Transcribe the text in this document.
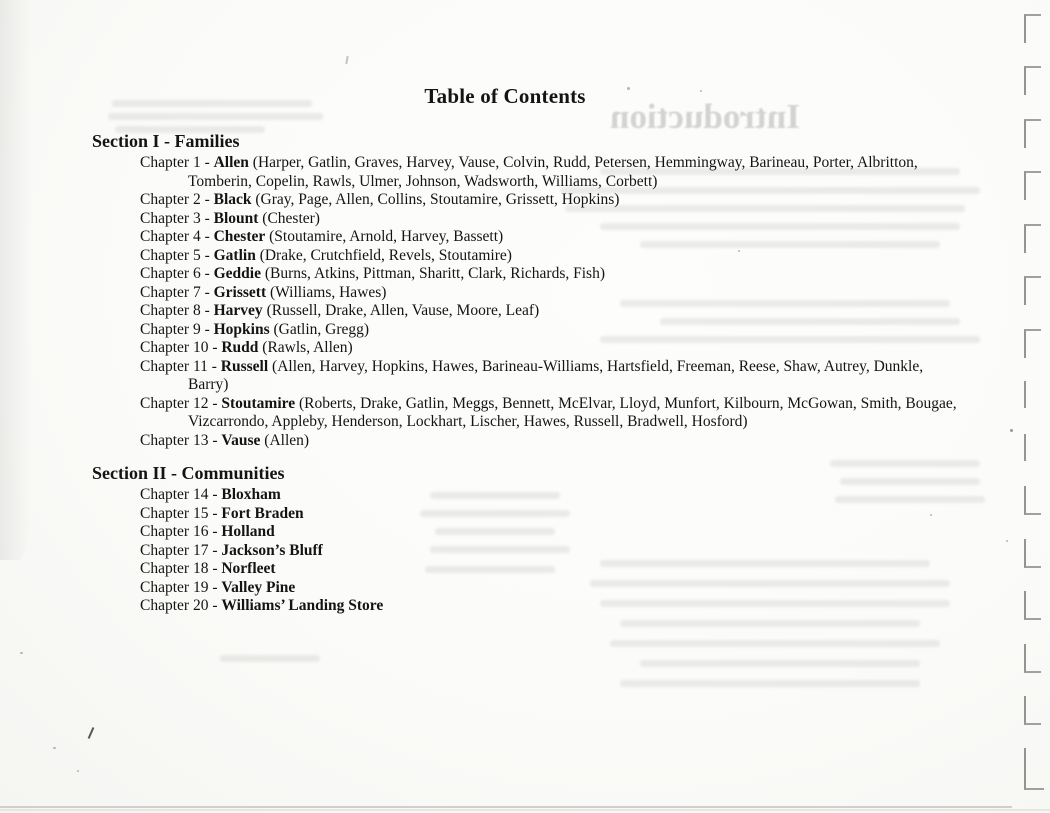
Introduction
Table of Contents

Section I - Families

Chapter 1 - Allen (Harper, Gatlin, Graves, Harvey, Vause, Colvin, Rudd, Petersen, Hemmingway, Barineau, Porter, Albritton, Tomberin, Copelin, Rawls, Ulmer, Johnson, Wadsworth, Williams, Corbett)

Chapter 2 - Black (Gray, Page, Allen, Collins, Stoutamire, Grissett, Hopkins)

Chapter 3 - Blount (Chester)

Chapter 4 - Chester (Stoutamire, Arnold, Harvey, Bassett)

Chapter 5 - Gatlin (Drake, Crutchfield, Revels, Stoutamire)

Chapter 6 - Geddie (Burns, Atkins, Pittman, Sharitt, Clark, Richards, Fish)

Chapter 7 - Grissett (Williams, Hawes)

Chapter 8 - Harvey (Russell, Drake, Allen, Vause, Moore, Leaf)

Chapter 9 - Hopkins (Gatlin, Gregg)

Chapter 10 - Rudd (Rawls, Allen)

Chapter 11 - Russell (Allen, Harvey, Hopkins, Hawes, Barineau-Williams, Hartsfield, Freeman, Reese, Shaw, Autrey, Dunkle, Barry)

Chapter 12 - Stoutamire (Roberts, Drake, Gatlin, Meggs, Bennett, McElvar, Lloyd, Munfort, Kilbourn, McGowan, Smith, Bougae, Vizcarrondo, Appleby, Henderson, Lockhart, Lischer, Hawes, Russell, Bradwell, Hosford)

Chapter 13 - Vause (Allen)

Section II - Communities

Chapter 14 - Bloxham

Chapter 15 - Fort Braden

Chapter 16 - Holland

Chapter 17 - Jackson’s Bluff

Chapter 18 - Norfleet

Chapter 19 - Valley Pine

Chapter 20 - Williams’ Landing Store
